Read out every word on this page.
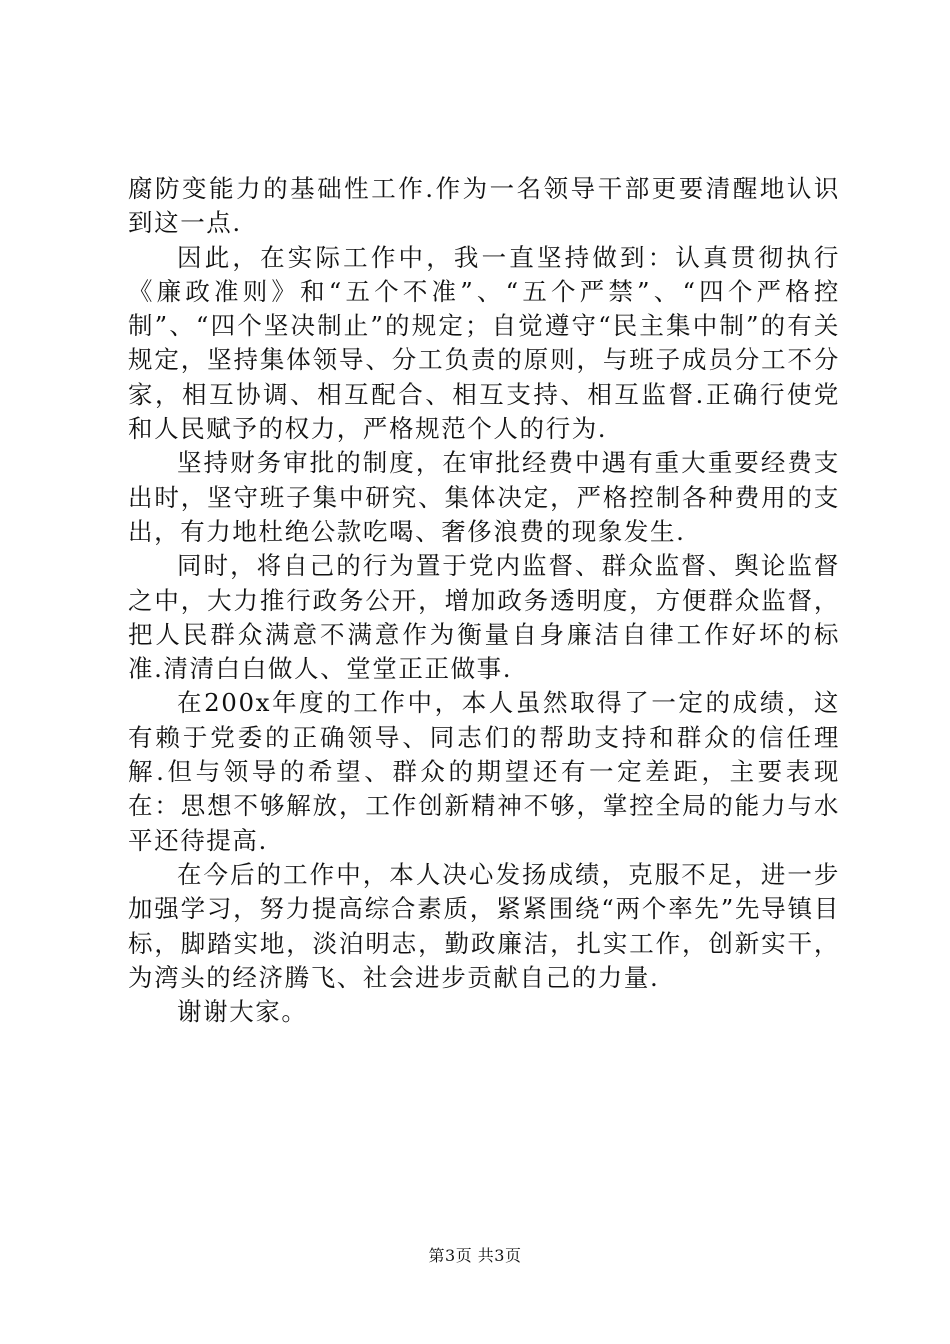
腐防变能力的基础性工作.作为一名领导干部更要清醒地认识到这一点.

因此，在实际工作中，我一直坚持做到：认真贯彻执行《廉政准则》和“五个不准”、“五个严禁”、“四个严格控制”、“四个坚决制止”的规定；自觉遵守“民主集中制”的有关规定，坚持集体领导、分工负责的原则，与班子成员分工不分家，相互协调、相互配合、相互支持、相互监督.正确行使党和人民赋予的权力，严格规范个人的行为.

坚持财务审批的制度，在审批经费中遇有重大重要经费支出时，坚守班子集中研究、集体决定，严格控制各种费用的支出，有力地杜绝公款吃喝、奢侈浪费的现象发生.

同时，将自己的行为置于党内监督、群众监督、舆论监督之中，大力推行政务公开，增加政务透明度，方便群众监督，把人民群众满意不满意作为衡量自身廉洁自律工作好坏的标准.清清白白做人、堂堂正正做事.

在200x年度的工作中，本人虽然取得了一定的成绩，这有赖于党委的正确领导、同志们的帮助支持和群众的信任理解.但与领导的希望、群众的期望还有一定差距，主要表现在：思想不够解放，工作创新精神不够，掌控全局的能力与水平还待提高.

在今后的工作中，本人决心发扬成绩，克服不足，进一步加强学习，努力提高综合素质，紧紧围绕“两个率先”先导镇目标，脚踏实地，淡泊明志，勤政廉洁，扎实工作，创新实干，为湾头的经济腾飞、社会进步贡献自己的力量.

谢谢大家。

第3页 共3页
